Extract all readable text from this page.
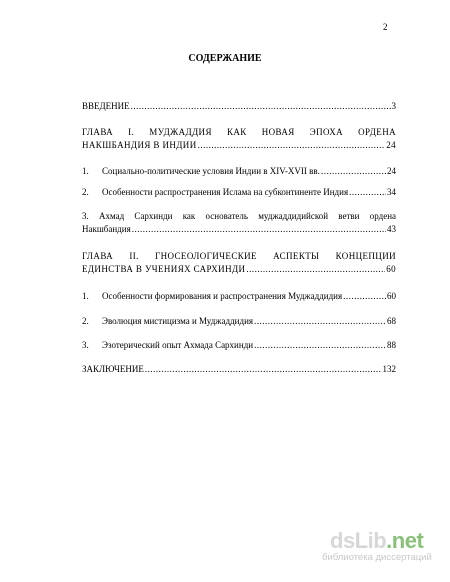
2
СОДЕРЖАНИЕ
ВВЕДЕНИЕ .....	3
ГЛАВА I. МУДЖАДДИЯ КАК НОВАЯ ЭПОХА ОРДЕНА
НАКШБАНДИЯ В ИНДИИ .....	24
1. Социально-политические условия Индии в XIV-XVII вв. .....	24
2. Особенности распространения Ислама на субконтиненте Индия .....	34
3. Ахмад Сархинди как основатель муджаддидийской ветви ордена
Накшбандия .....	43
ГЛАВА II. ГНОСЕОЛОГИЧЕСКИЕ АСПЕКТЫ КОНЦЕПЦИИ
ЕДИНСТВА В УЧЕНИЯХ САРХИНДИ .....	60
1. Особенности формирования и распространения Муджаддидия .....	60
2. Эволюция мистицизма и Муджаддидия .....	68
3. Эзотерический опыт Ахмада Сархинди .....	88
ЗАКЛЮЧЕНИЕ .....	132
dsLib.net
библиотека диссертаций
